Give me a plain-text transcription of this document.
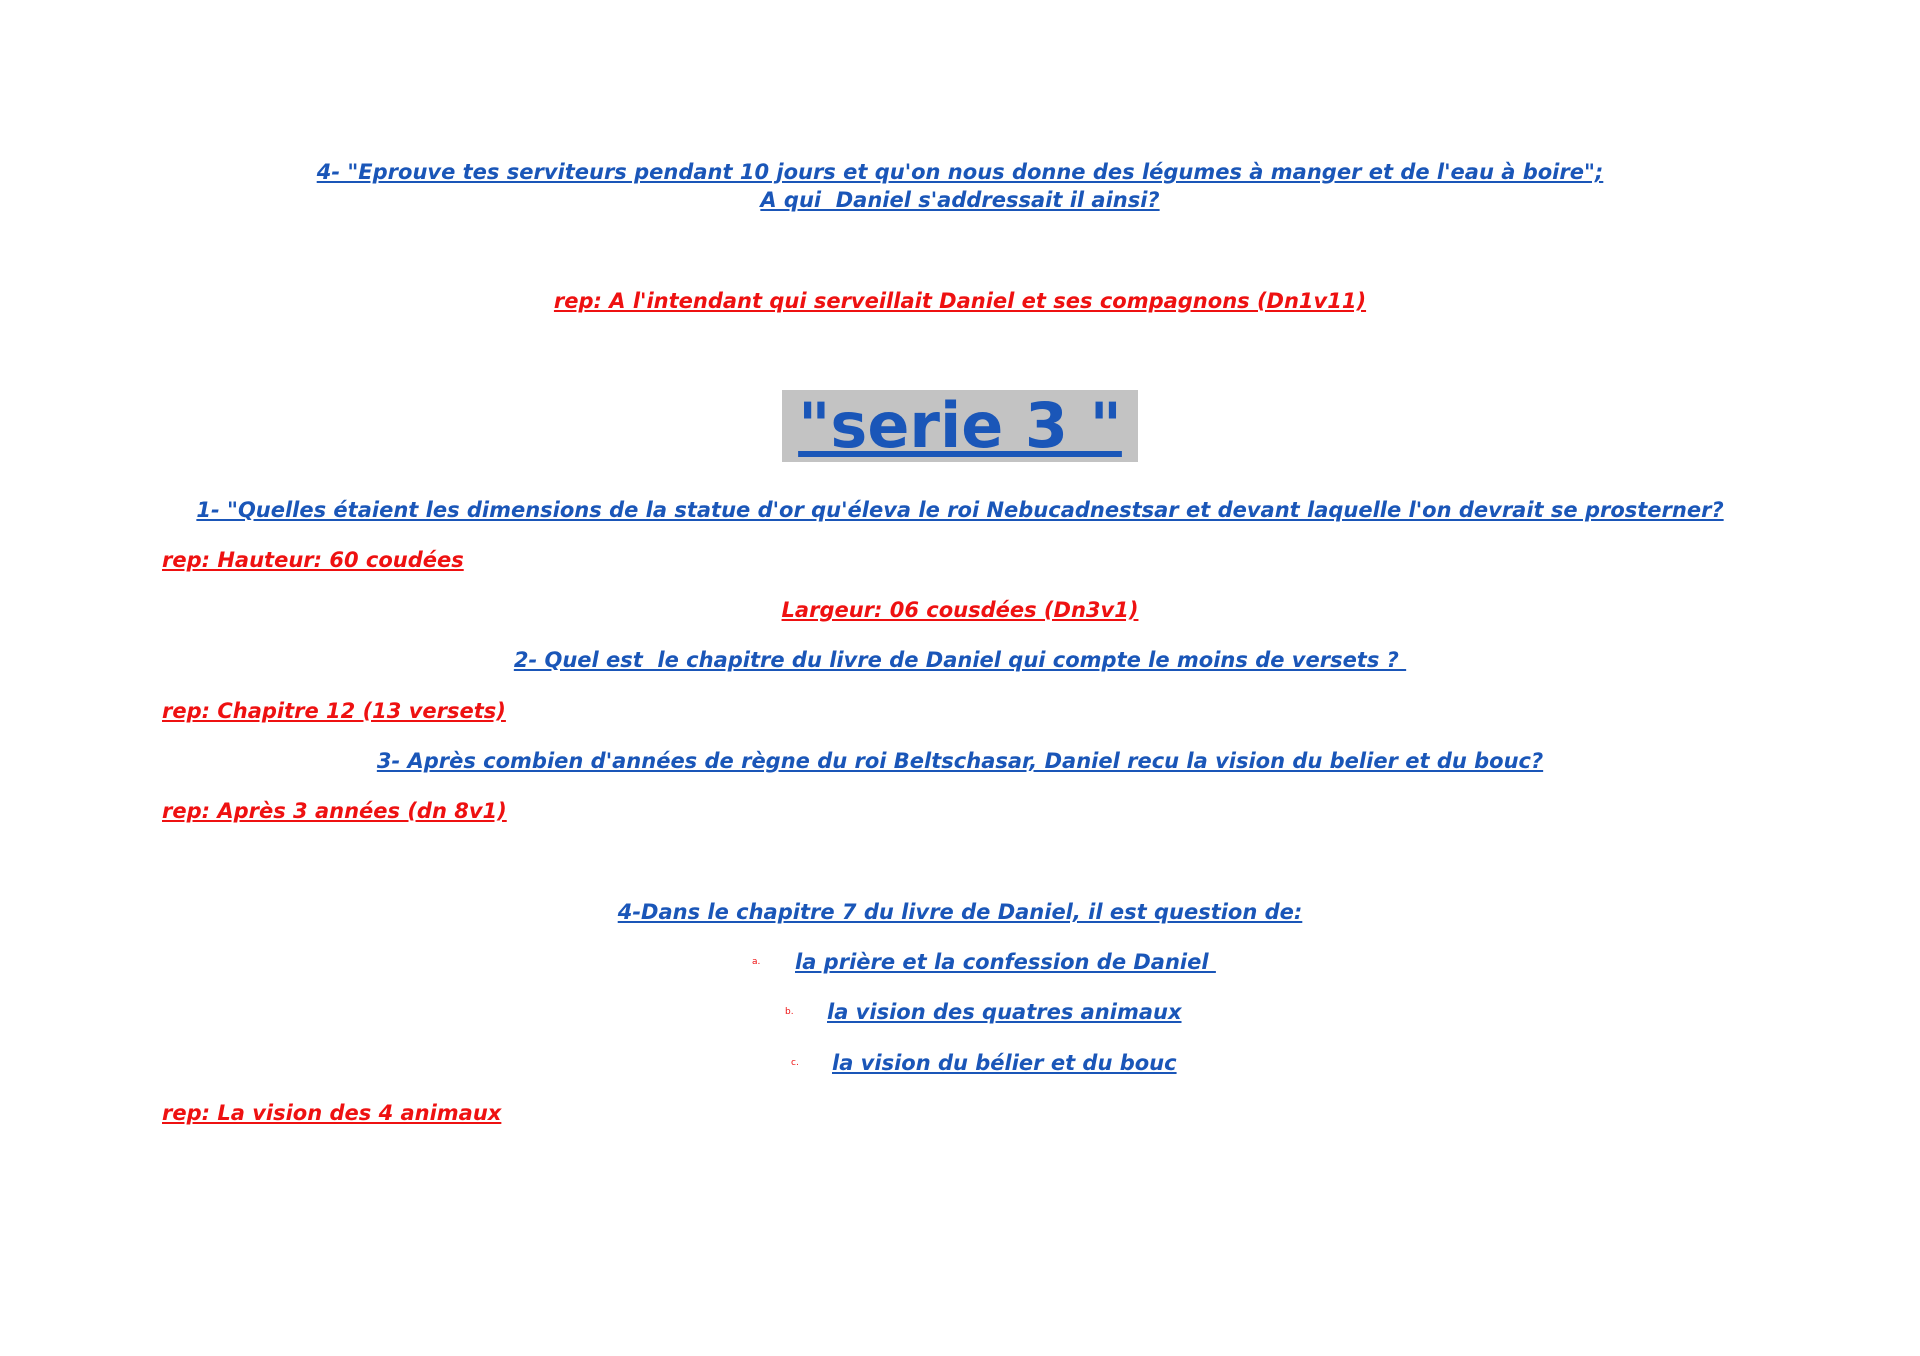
4- "Eprouve tes serviteurs pendant 10 jours et qu'on nous donne des légumes à manger et de l'eau à boire";

A qui  Daniel s'addressait il ainsi?

rep: A l'intendant qui serveillait Daniel et ses compagnons (Dn1v11)

"serie 3 "

1- "Quelles étaient les dimensions de la statue d'or qu'éleva le roi Nebucadnestsar et devant laquelle l'on devrait se prosterner?

rep: Hauteur: 60 coudées

Largeur: 06 cousdées (Dn3v1)

2- Quel est  le chapitre du livre de Daniel qui compte le moins de versets ?

rep: Chapitre 12 (13 versets)

3- Après combien d'années de règne du roi Beltschasar, Daniel recu la vision du belier et du bouc?

rep: Après 3 années (dn 8v1)

4-Dans le chapitre 7 du livre de Daniel, il est question de:

a. la prière et la confession de Daniel
b. la vision des quatres animaux
c. la vision du bélier et du bouc

rep: La vision des 4 animaux
